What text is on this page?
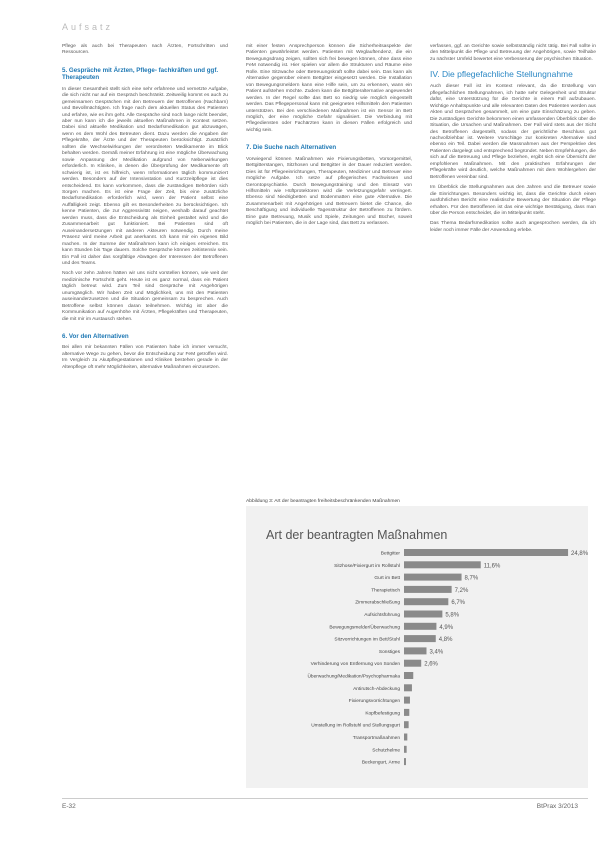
Aufsatz

Pflege als auch bei Therapeuten nach Ärzten, Fortschritten und Ressourcen.

5. Gespräche mit Ärzten, Pflege- fachkräften und ggf. Therapeuten

In dieser Gesamtheit stellt sich eine sehr erfahrene und vernetzte Aufgabe, die sich nicht nur auf ein Gespräch beschränkt. Zeitweilig kommt es auch zu gemeinsamen Gesprächen mit den Betreuern der Betroffenen (Nachbarn) und Bevollmächtigten. Ich frage nach dem aktuellen Status des Patienten und erfahre, wie es ihm geht. Alle Gespräche sind noch lange nicht beendet, aber nun kann ich die jeweils aktuellen Maßnahmen in Kontext setzen. Dabei sind aktuelle Medikation und Bedarfsmedikation gut abzuwägen, wenn es dem Wohl des Betreuten dient. Dazu werden die Angaben der Pflegekräfte, der Ärzte und der Therapeuten berücksichtigt. Zusätzlich sollten die Wechselwirkungen der verordneten Medikamente im Blick behalten werden. Gemäß meiner Erfahrung ist eine mögliche Überwachung sowie Anpassung der Medikation aufgrund von Nebenwirkungen erforderlich. In Kliniken, in denen die Überprüfung der Medikamente oft schwierig ist, ist es hilfreich, wenn Informationen täglich kommuniziert werden. Besonders auf der Intensivstation und Kurzzeitpflege ist dies entscheidend. Es kann vorkommen, dass die zuständigen Behörden sich Sorgen machen. Es ist eine Frage der Zeit, bis eine zusätzliche Bedarfsmedikation erforderlich wird, wenn der Patient selbst eine Auffälligkeit zeigt. Ebenso gilt es Besonderheiten zu berücksichtigen. Ich kenne Patienten, die zur Aggressivität neigen, weshalb darauf geachtet werden muss, dass die Entscheidung als Einheit gestaltet wird und die Zusammenarbeit gut funktioniert. Bei Patienten sind oft Auseinandersetzungen mit anderen Akteuren notwendig. Durch meine Präsenz wird meine Arbeit gut anerkannt. Ich kann mir ein eigenes Bild machen. In der Summe der Maßnahmen kann ich einiges erreichen. Es kann Stunden bis Tage dauern. Solche Gespräche können zeitintensiv sein. Ein Fall ist daher das sorgfältige Abwägen der Interessen der Betroffenen und des Teams.

Noch vor zehn Jahren hätten wir uns nicht vorstellen können, wie weit der medizinische Fortschritt geht. Heute ist es ganz normal, dass ein Patient täglich betreut wird. Zum Teil sind Gespräche mit Angehörigen unumgänglich. Wir haben Zeit und Möglichkeit, uns mit den Patienten auseinanderzusetzen und die Situation gemeinsam zu besprechen. Auch Betroffene selbst können daran teilnehmen. Wichtig ist aber die Kommunikation auf Augenhöhe mit Ärzten, Pflegekräften und Therapeuten, die mit mir im Austausch stehen.

6. Vor den Alternativen

Bei allen mir bekannten Fällen von Patienten habe ich immer versucht, alternative Wege zu gehen, bevor die Entscheidung zur FeM getroffen wird. Im Vergleich zu Akutpflegestationen und Kliniken bestehen gerade in der Altenpflege oft mehr Möglichkeiten, alternative Maßnahmen einzusetzen.

mit einer festen Ansprechperson können die Sicherheitsaspekte der Patienten gewährleistet werden. Patienten mit Weglauftendenz, die ein Bewegungsdrang zeigen, sollten sich frei bewegen können, ohne dass eine FeM notwendig ist. Hier spielen vor allem die Strukturen und Räume eine Rolle. Eine Sitzwache oder Betreuungskraft sollte dabei sein. Das kann als Alternative gegenüber einem Bettgitter eingesetzt werden. Die Installation von Bewegungsmeldern kann eine Hilfe sein, um zu erkennen, wann ein Patient aufstehen möchte. Zudem kann die Bettgitteralternative angewendet werden. In der Regel sollte das Bett so niedrig wie möglich eingestellt werden. Das Pflegepersonal kann mit geeigneten Hilfsmitteln den Patienten unterstützen. Bei den verschiedenen Maßnahmen ist ein Sensor im Bett möglich, der eine mögliche Gefahr signalisiert. Die Verbindung mit Pflegediensten oder Fachärzten kann in diesen Fällen erfolgreich und wichtig sein.

7. Die Suche nach Alternativen

Vorwiegend können Maßnahmen wie Fixierungsbetten, Vorsorgemittel, Bettgitterstangen, Sitzhosen und Bettgitter in der Dauer reduziert werden. Dies ist für Pflegeeinrichtungen, Therapeuten, Mediziner und Betreuer eine mögliche Aufgabe. Ich setze auf pflegerisches Fachwissen und Gerontopsychiatrie. Durch Bewegungstraining und den Einsatz von Hilfsmitteln wie Hüftprotektoren wird die Verletzungsgefahr verringert. Ebenso sind Niedrigbetten und Bodenmatten eine gute Alternative. Die Zusammenarbeit mit Angehörigen und Betreuern bietet die Chance, die Beschäftigung und individuelle Tagesstruktur der Betroffenen zu fördern. Eine gute Betreuung, Musik und Spiele, Zeitungen und Bücher, soweit möglich bei Patienten, die in der Lage sind, das Bett zu verlassen.

verfassen, ggf. an Gerichte sowie selbstständig nicht tätig. Bei Fall sollte in den Mittelpunkt die Pflege und Betreuung der Angehörigen, sowie Teilhabe zu nächster Umfeld bewertet eine Verbesserung der psychischen Situation.

IV. Die pflegefachliche Stellungnahme

Auch dieser Fall ist im Kontext relevant, da die Erstellung von pflegefachlichen Stellungnahmen, ich hatte sehr Gelegenheit und Struktur dafür, eine Unterstützung für die Gerichte in einem Fall aufzubauen. Wichtige Anhaltspunkte und alle relevanten Daten des Patienten werden aus Akten und Gesprächen gesammelt, um eine gute Einschätzung zu geben. Die zuständigen Gerichte bekommen einen umfassenden Überblick über die Situation, die Ursachen und Maßnahmen. Der Fall wird stets aus der Sicht des Betroffenen dargestellt, sodass der gerichtliche Beschluss gut nachvollziehbar ist. Weitere Vorschläge zur konkreten Alternative sind ebenso ein Teil. Dabei werden die Massnahmen aus der Perspektive des Patienten dargelegt und entsprechend begründet. Neben Empfehlungen, die sich auf die Betreuung und Pflege beziehen, ergibt sich eine Übersicht der empfohlenen Maßnahmen. Mit den praktischen Erfahrungen der Pflegekräfte wird deutlich, welche Maßnahmen mit dem Wohlergehen der Betroffenen vereinbar sind.

Im Überblick die Stellungnahmen aus den Jahren und die Betreuer sowie die Einrichtungen. Besonders wichtig ist, dass die Gerichte durch einen ausführlichen Bericht eine realistische Bewertung der Situation der Pflege erhalten. Für den Betroffenen ist das eine wichtige Bestätigung, dass man über die Person entscheidet, die im Mittelpunkt steht.

Das Thema Bedarfsmedikation sollte auch angesprochen werden, da ich leider noch immer Fälle der Anwendung erlebe.

Abbildung 3: Art der beantragten freiheitsbeschränkenden Maßnahmen
Art der beantragten Maßnahmen
Bettgitter	24,8%
Sitzhose/Fixiergurt im Rollstuhl	11,6%
Gurt im Bett	8,7%
Therapietisch	7,2%
Zimmerabschließung	6,7%
Aufsichtsführung	5,8%
Bewegungsmelder/Überwachung	4,9%
Sitzvorrichtungen im Bett/Stuhl	4,8%
Sonstiges	3,4%
Verhinderung von Entfernung von Sonden	2,6%
Überwachung/Medikation/Psychopharmaka
Antirutsch-Abdeckung
Fixierungsvorrichtungen
Kopfbefestigung
Umstellung im Rollstuhl und Stellungsgurt
Transportmaßnahmen
Schutzhelme
Beckengurt, Arme
E-32	BtPrax 3/2013
